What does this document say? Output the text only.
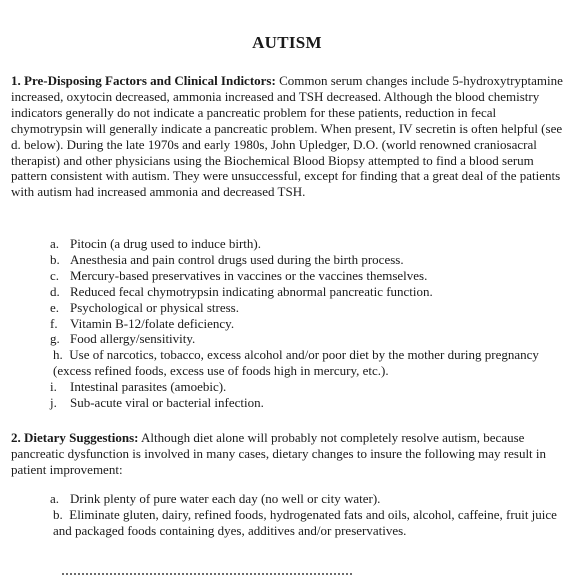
AUTISM
1. Pre-Disposing Factors and Clinical Indictors: Common serum changes include 5-hydroxytryptamine increased, oxytocin decreased, ammonia increased and TSH decreased. Although the blood chemistry indicators generally do not indicate a pancreatic problem for these patients, reduction in fecal chymotrypsin will generally indicate a pancreatic problem. When present, IV secretin is often helpful (see d. below). During the late 1970s and early 1980s, John Upledger, D.O. (world renowned craniosacral therapist) and other physicians using the Biochemical Blood Biopsy attempted to find a blood serum pattern consistent with autism. They were unsuccessful, except for finding that a great deal of the patients with autism had increased ammonia and decreased TSH.
a. Pitocin (a drug used to induce birth).
b. Anesthesia and pain control drugs used during the birth process.
c. Mercury-based preservatives in vaccines or the vaccines themselves.
d. Reduced fecal chymotrypsin indicating abnormal pancreatic function.
e. Psychological or physical stress.
f. Vitamin B-12/folate deficiency.
g. Food allergy/sensitivity.
h. Use of narcotics, tobacco, excess alcohol and/or poor diet by the mother during pregnancy (excess refined foods, excess use of foods high in mercury, etc.).
i.	Intestinal parasites (amoebic).
j.	Sub-acute viral or bacterial infection.
2. Dietary Suggestions: Although diet alone will probably not completely resolve autism, because pancreatic dysfunction is involved in many cases, dietary changes to insure the following may result in patient improvement:
a. Drink plenty of pure water each day (no well or city water).
b. Eliminate gluten, dairy, refined foods, hydrogenated fats and oils, alcohol, caffeine, fruit juice and packaged foods containing dyes, additives and/or preservatives.
